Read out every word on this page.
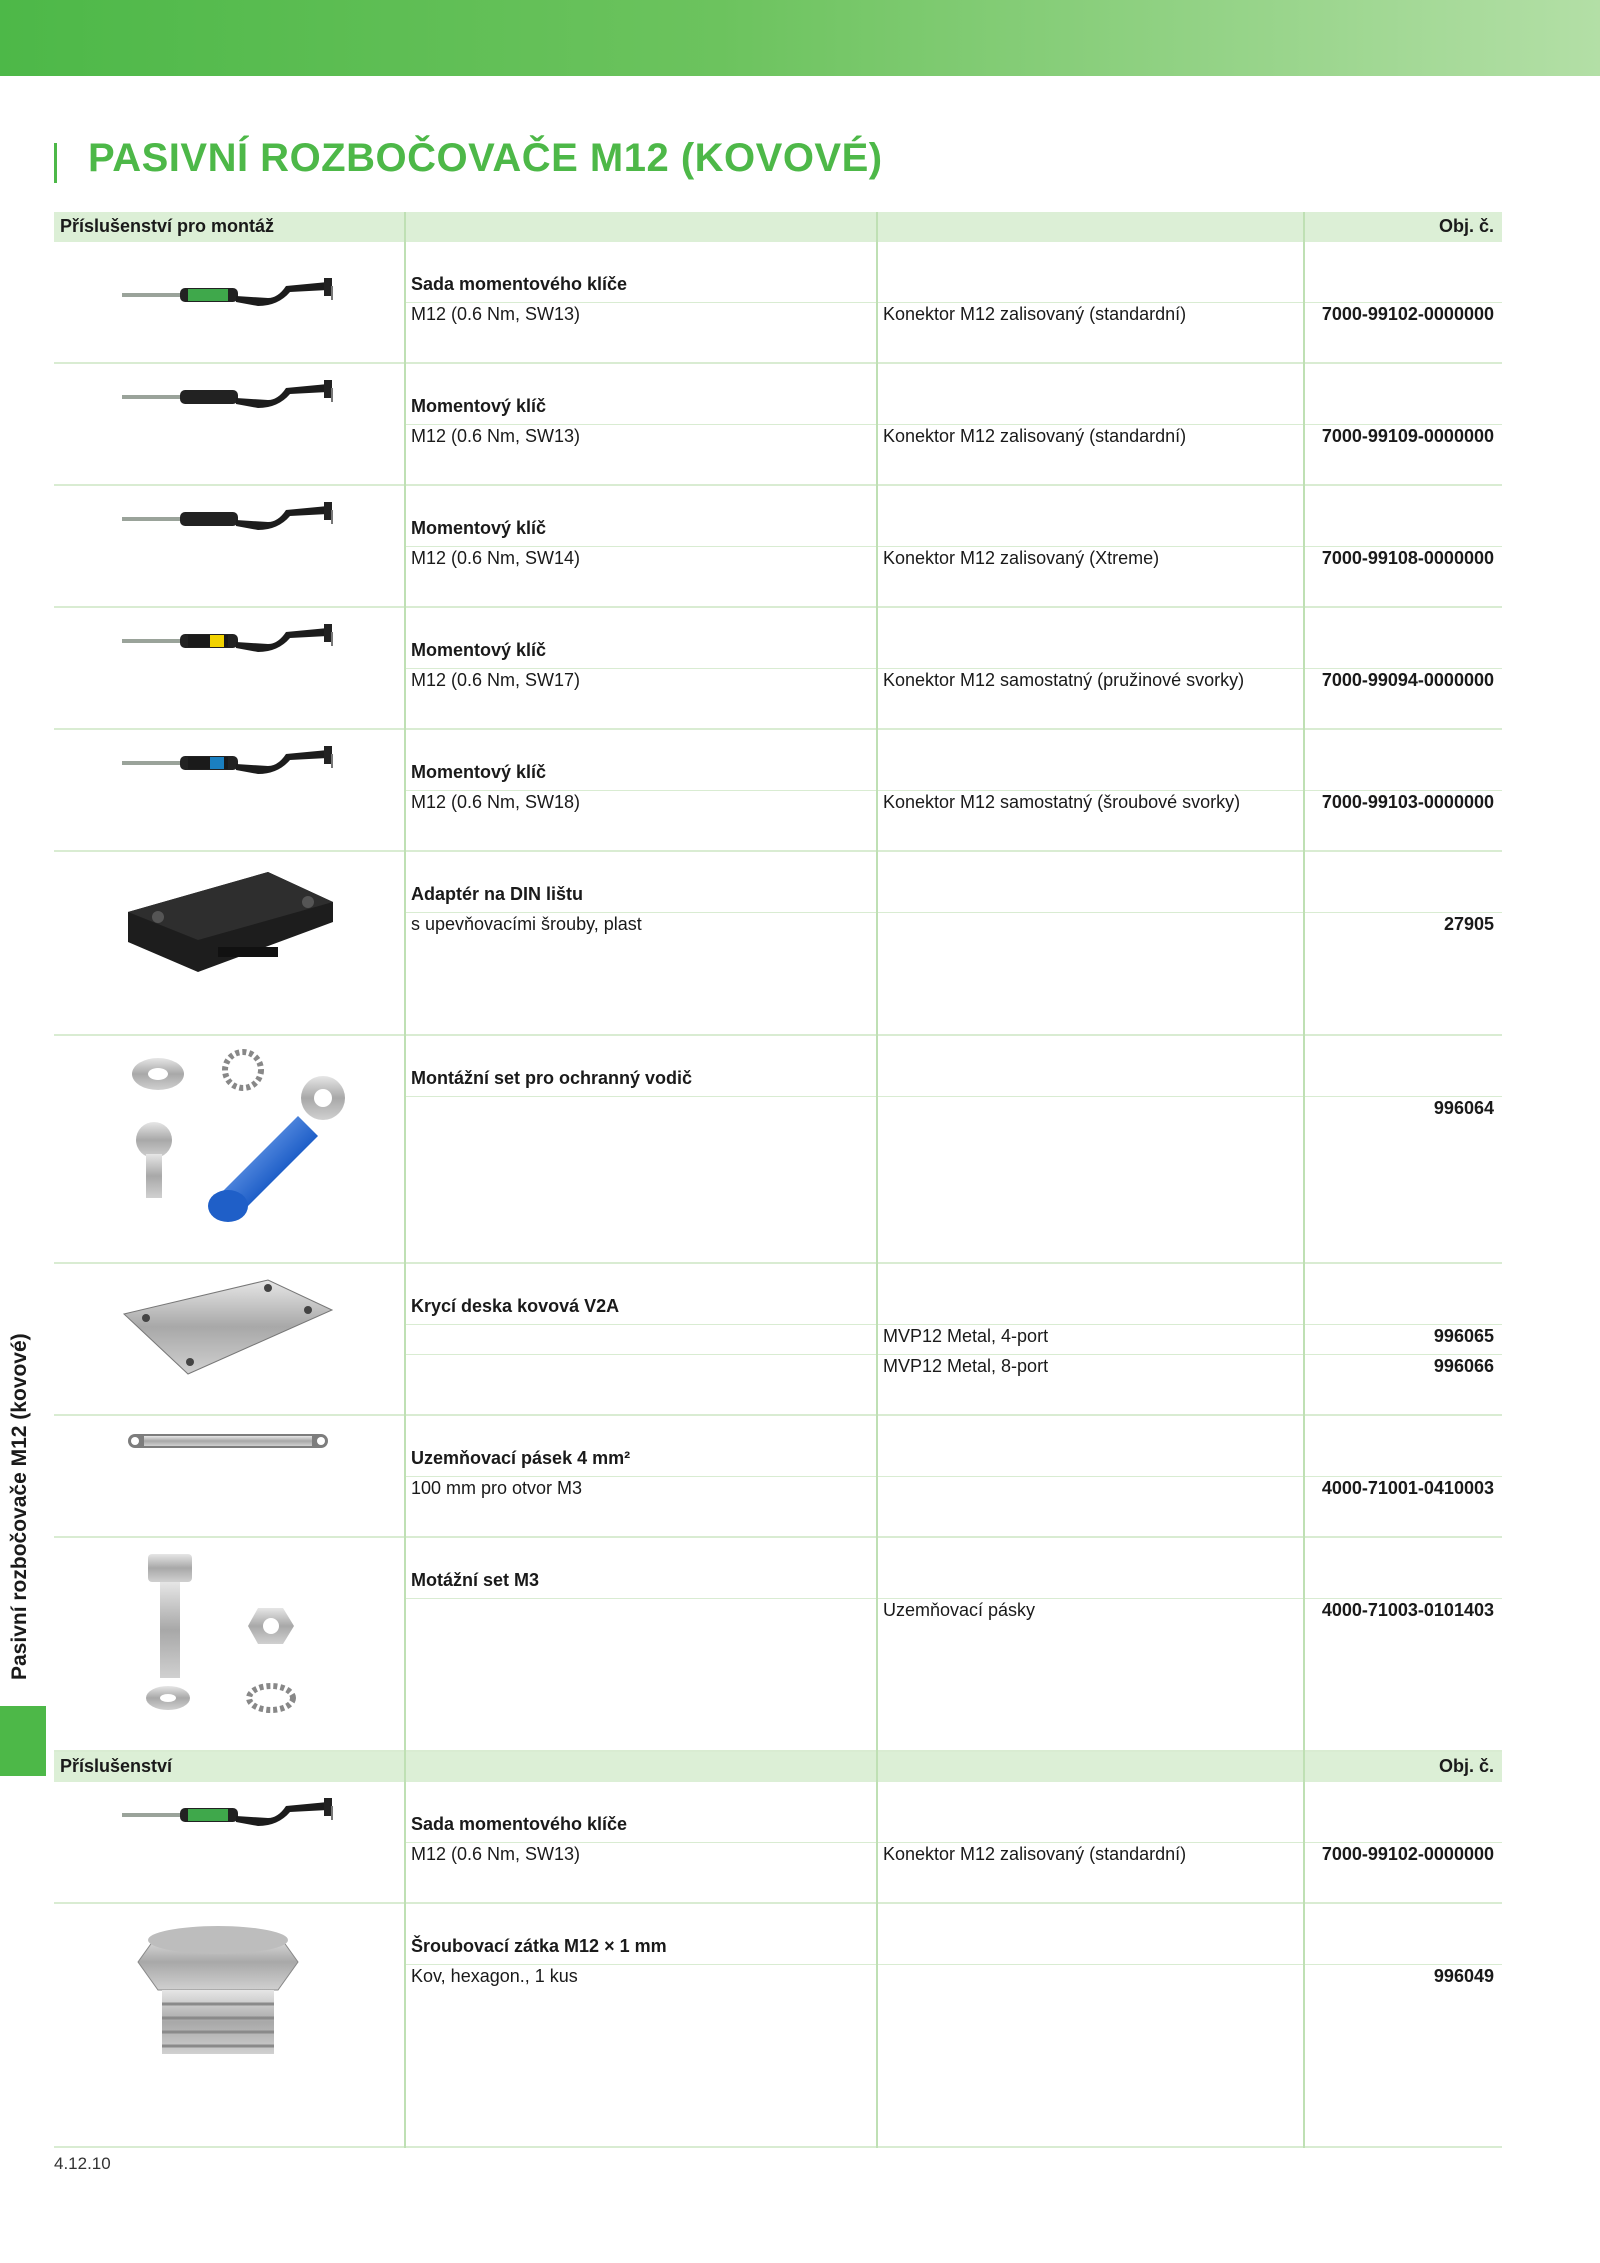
PASIVNÍ ROZBOČOVAČE M12 (KOVOVÉ)
Pasivní rozbočovače M12 (kovové)
Příslušenství pro montáž	Obj. č.
Sada momentového klíče
M12 (0.6 Nm, SW13)	Konektor M12 zalisovaný (standardní)	7000-99102-0000000
Momentový klíč
M12 (0.6 Nm, SW13)	Konektor M12 zalisovaný (standardní)	7000-99109-0000000
Momentový klíč
M12 (0.6 Nm, SW14)	Konektor M12 zalisovaný (Xtreme)	7000-99108-0000000
Momentový klíč
M12 (0.6 Nm, SW17)	Konektor M12 samostatný (pružinové svorky)	7000-99094-0000000
Momentový klíč
M12 (0.6 Nm, SW18)	Konektor M12 samostatný (šroubové svorky)	7000-99103-0000000
Adaptér na DIN lištu
s upevňovacími šrouby, plast	27905
Montážní set pro ochranný vodič
996064
Krycí deska kovová V2A
MVP12 Metal, 4-port	996065
MVP12 Metal, 8-port	996066
Uzemňovací pásek 4 mm²
100 mm pro otvor M3	4000-71001-0410003
Motážní set M3
Uzemňovací pásky	4000-71003-0101403
Příslušenství	Obj. č.
Sada momentového klíče
M12 (0.6 Nm, SW13)	Konektor M12 zalisovaný (standardní)	7000-99102-0000000
Šroubovací zátka M12 × 1 mm
Kov, hexagon., 1 kus	996049
4.12.10
